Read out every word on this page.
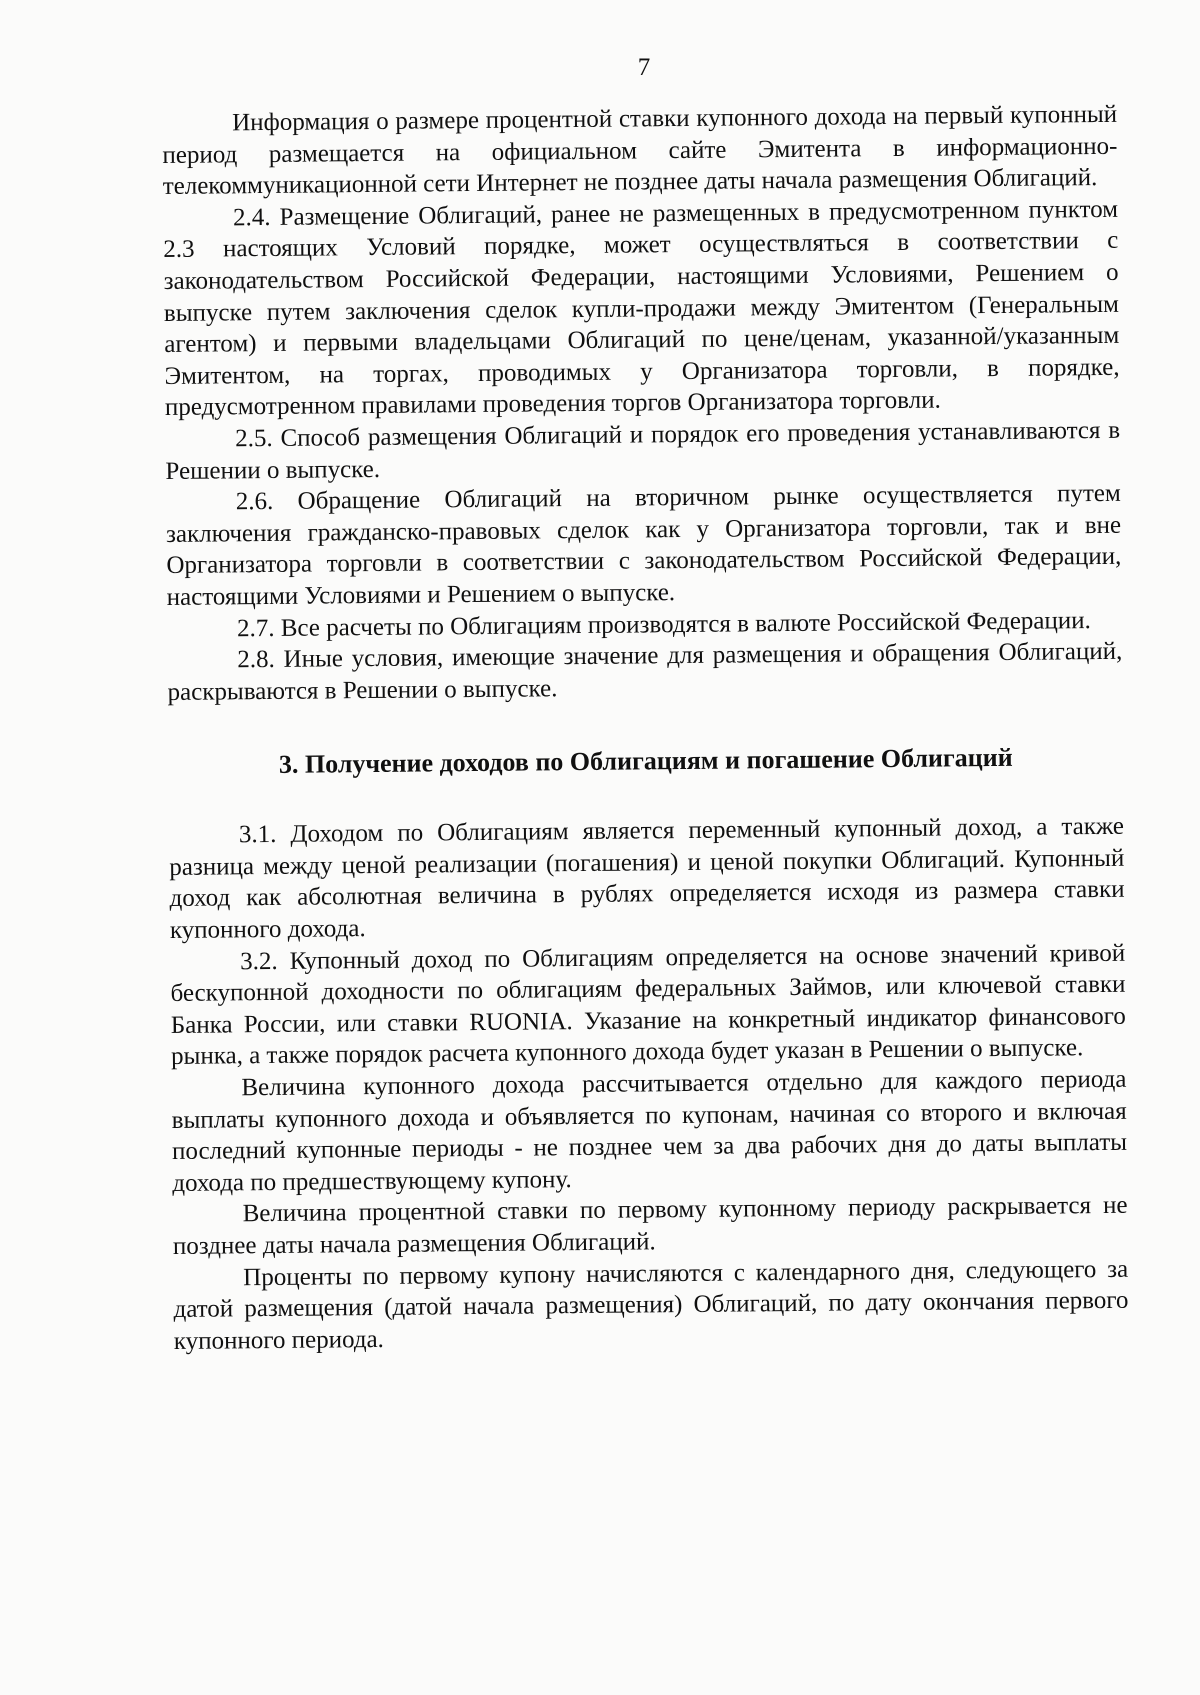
7

Информация о размере процентной ставки купонного дохода на первый купонный период размещается на официальном сайте Эмитента в информационно-телекоммуникационной сети Интернет не позднее даты начала размещения Облигаций.

2.4. Размещение Облигаций, ранее не размещенных в предусмотренном пунктом 2.3 настоящих Условий порядке, может осуществляться в соответствии с законодательством Российской Федерации, настоящими Условиями, Решением о выпуске путем заключения сделок купли-продажи между Эмитентом (Генеральным агентом) и первыми владельцами Облигаций по цене/ценам, указанной/указанным Эмитентом, на торгах, проводимых у Организатора торговли, в порядке, предусмотренном правилами проведения торгов Организатора торговли.

2.5. Способ размещения Облигаций и порядок его проведения устанавливаются в Решении о выпуске.

2.6. Обращение Облигаций на вторичном рынке осуществляется путем заключения гражданско-правовых сделок как у Организатора торговли, так и вне Организатора торговли в соответствии с законодательством Российской Федерации, настоящими Условиями и Решением о выпуске.

2.7. Все расчеты по Облигациям производятся в валюте Российской Федерации.

2.8. Иные условия, имеющие значение для размещения и обращения Облигаций, раскрываются в Решении о выпуске.

3. Получение доходов по Облигациям и погашение Облигаций

3.1. Доходом по Облигациям является переменный купонный доход, а также разница между ценой реализации (погашения) и ценой покупки Облигаций. Купонный доход как абсолютная величина в рублях определяется исходя из размера ставки купонного дохода.

3.2. Купонный доход по Облигациям определяется на основе значений кривой бескупонной доходности по облигациям федеральных Займов, или ключевой ставки Банка России, или ставки RUONIA. Указание на конкретный индикатор финансового рынка, а также порядок расчета купонного дохода будет указан в Решении о выпуске.

Величина купонного дохода рассчитывается отдельно для каждого периода выплаты купонного дохода и объявляется по купонам, начиная со второго и включая последний купонные периоды - не позднее чем за два рабочих дня до даты выплаты дохода по предшествующему купону.

Величина процентной ставки по первому купонному периоду раскрывается не позднее даты начала размещения Облигаций.

Проценты по первому купону начисляются с календарного дня, следующего за датой размещения (датой начала размещения) Облигаций, по дату окончания первого купонного периода.
